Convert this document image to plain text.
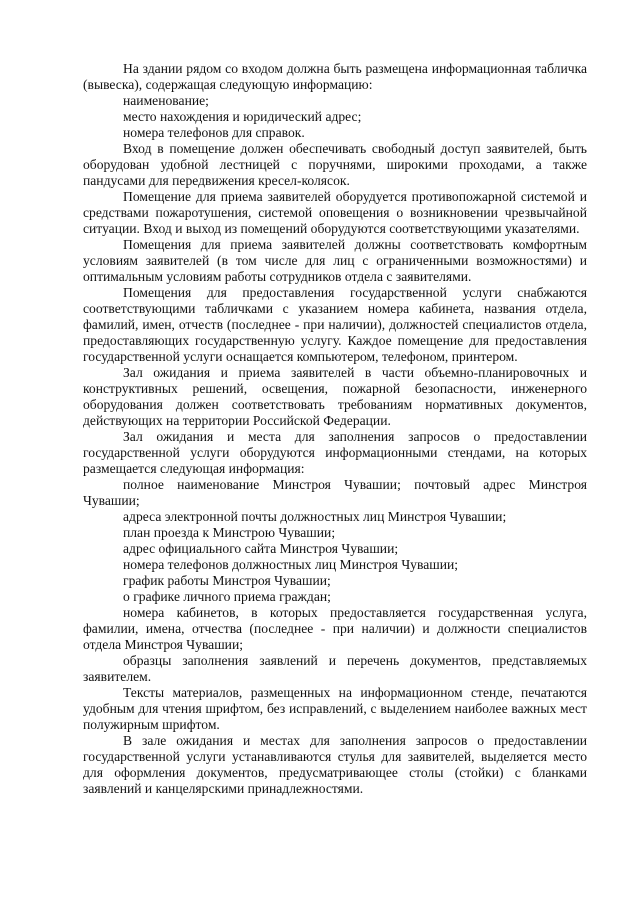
На здании рядом со входом должна быть размещена информационная табличка (вывеска), содержащая следующую информацию:

наименование;

место нахождения и юридический адрес;

номера телефонов для справок.

Вход в помещение должен обеспечивать свободный доступ заявителей, быть оборудован удобной лестницей с поручнями, широкими проходами, а также пандусами для передвижения кресел-колясок.

Помещение для приема заявителей оборудуется противопожарной системой и средствами пожаротушения, системой оповещения о возникновении чрезвычайной ситуации. Вход и выход из помещений оборудуются соответствующими указателями.

Помещения для приема заявителей должны соответствовать комфортным условиям заявителей (в том числе для лиц с ограниченными возможностями) и оптимальным условиям работы сотрудников отдела с заявителями.

Помещения для предоставления государственной услуги снабжаются соответствующими табличками с указанием номера кабинета, названия отдела, фамилий, имен, отчеств (последнее - при наличии), должностей специалистов отдела, предоставляющих государственную услугу. Каждое помещение для предоставления государственной услуги оснащается компьютером, телефоном, принтером.

Зал ожидания и приема заявителей в части объемно-планировочных и конструктивных решений, освещения, пожарной безопасности, инженерного оборудования должен соответствовать требованиям нормативных документов, действующих на территории Российской Федерации.

Зал ожидания и места для заполнения запросов о предоставлении государственной услуги оборудуются информационными стендами, на которых размещается следующая информация:

полное наименование Минстроя Чувашии; почтовый адрес Минстроя Чувашии;

адреса электронной почты должностных лиц Минстроя Чувашии;

план проезда к Минстрою Чувашии;

адрес официального сайта Минстроя Чувашии;

номера телефонов должностных лиц Минстроя Чувашии;

график работы Минстроя Чувашии;

о графике личного приема граждан;

номера кабинетов, в которых предоставляется государственная услуга, фамилии, имена, отчества (последнее - при наличии) и должности специалистов отдела Минстроя Чувашии;

образцы заполнения заявлений и перечень документов, представляемых заявителем.

Тексты материалов, размещенных на информационном стенде, печатаются удобным для чтения шрифтом, без исправлений, с выделением наиболее важных мест полужирным шрифтом.

В зале ожидания и местах для заполнения запросов о предоставлении государственной услуги устанавливаются стулья для заявителей, выделяется место для оформления документов, предусматривающее столы (стойки) с бланками заявлений и канцелярскими принадлежностями.
